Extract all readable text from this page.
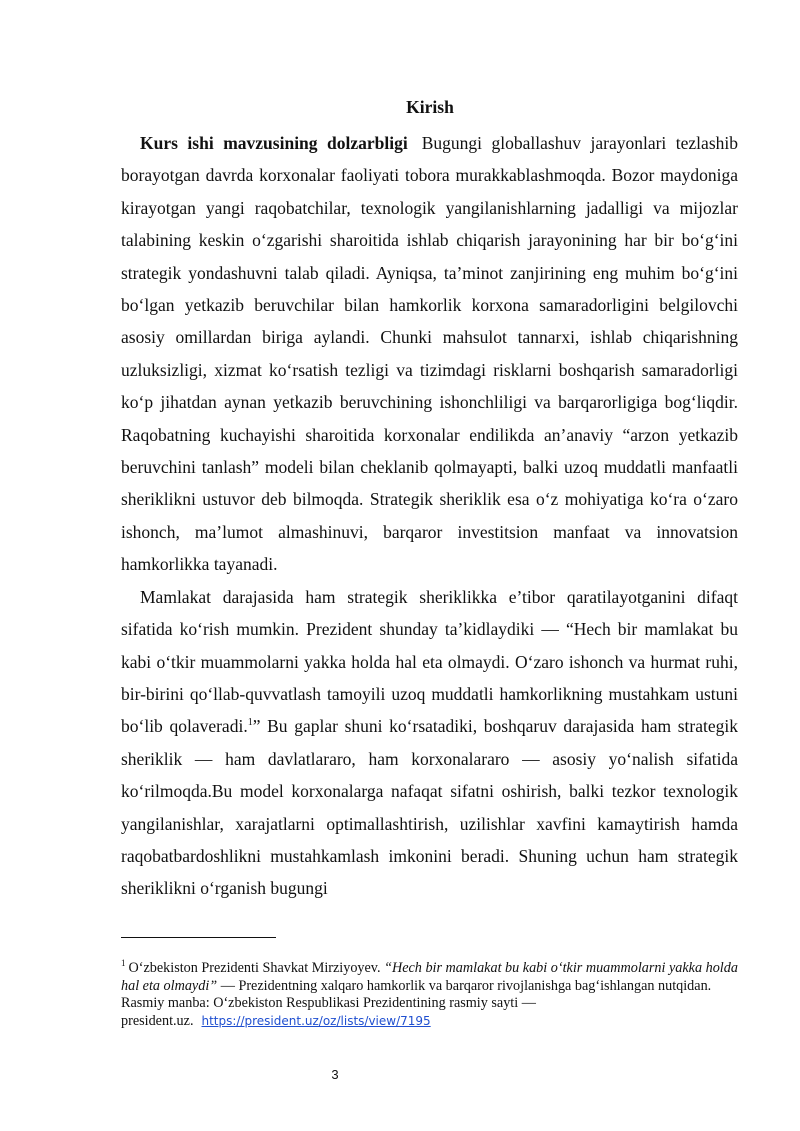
Kirish

Kurs ishi mavzusining dolzarbligi Bugungi globallashuv jarayonlari tezlashib borayotgan davrda korxonalar faoliyati tobora murakkablashmoqda. Bozor maydoniga kirayotgan yangi raqobatchilar, texnologik yangilanishlarning jadalligi va mijozlar talabining keskin o‘zgarishi sharoitida ishlab chiqarish jarayonining har bir bo‘g‘ini strategik yondashuvni talab qiladi. Ayniqsa, ta’minot zanjirining eng muhim bo‘g‘ini bo‘lgan yetkazib beruvchilar bilan hamkorlik korxona samaradorligini belgilovchi asosiy omillardan biriga aylandi. Chunki mahsulot tannarxi, ishlab chiqarishning uzluksizligi, xizmat ko‘rsatish tezligi va tizimdagi risklarni boshqarish samaradorligi ko‘p jihatdan aynan yetkazib beruvchining ishonchliligi va barqarorligiga bog‘liqdir. Raqobatning kuchayishi sharoitida korxonalar endilikda an’anaviy “arzon yetkazib beruvchini tanlash” modeli bilan cheklanib qolmayapti, balki uzoq muddatli manfaatli sheriklikni ustuvor deb bilmoqda. Strategik sheriklik esa o‘z mohiyatiga ko‘ra o‘zaro ishonch, ma’lumot almashinuvi, barqaror investitsion manfaat va innovatsion hamkorlikka tayanadi.

Mamlakat darajasida ham strategik sheriklikka e’tibor qaratilayotganini difaqt sifatida ko‘rish mumkin. Prezident shunday ta’kidlaydiki — “Hech bir mamlakat bu kabi o‘tkir muammolarni yakka holda hal eta olmaydi. O‘zaro ishonch va hurmat ruhi, bir-birini qo‘llab-quvvatlash tamoyili uzoq muddatli hamkorlikning mustahkam ustuni bo‘lib qolaveradi.$^1$” Bu gaplar shuni ko‘rsatadiki, boshqaruv darajasida ham strategik sheriklik — ham davlatlararo, ham korxonalararo — asosiy yo‘nalish sifatida ko‘rilmoqda.Bu model korxonalarga nafaqat sifatni oshirish, balki tezkor texnologik yangilanishlar, xarajatlarni optimallashtirish, uzilishlar xavfini kamaytirish hamda raqobatbardoshlikni mustahkamlash imkonini beradi. Shuning uchun ham strategik sheriklikni o‘rganish bugungi

$^1$ O‘zbekiston Prezidenti Shavkat Mirziyoyev. “Hech bir mamlakat bu kabi o‘tkir muammolarni yakka holda hal eta olmaydi” — Prezidentning xalqaro hamkorlik va barqaror rivojlanishga bag‘ishlangan nutqidan. Rasmiy manba: O‘zbekiston Respublikasi Prezidentining rasmiy sayti — president.uz. https://president.uz/oz/lists/view/7195
3
